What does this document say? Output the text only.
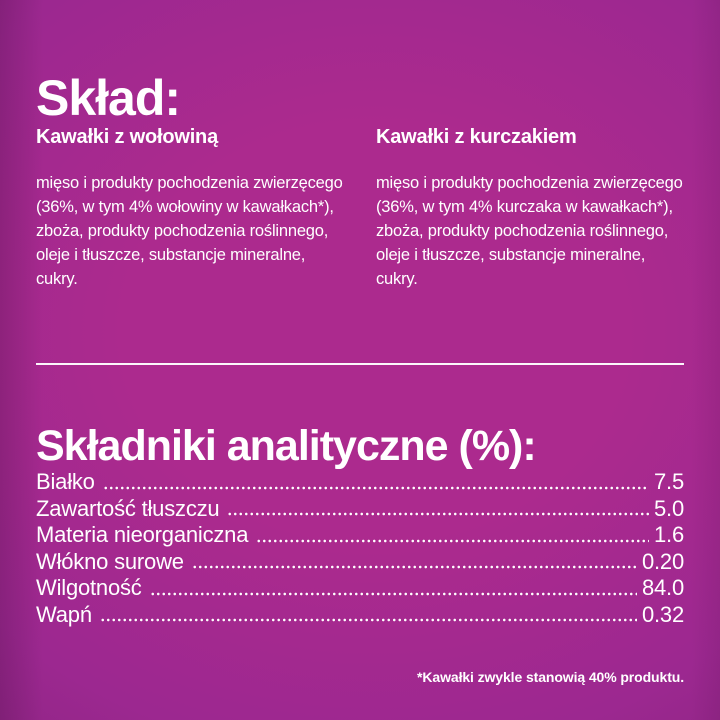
Skład:
Kawałki z wołowiną
mięso i produkty pochodzenia zwierzęcego (36%, w tym 4% wołowiny w kawałkach*), zboża, produkty pochodzenia roślinnego, oleje i tłuszcze, substancje mineralne, cukry.
Kawałki z kurczakiem
mięso i produkty pochodzenia zwierzęcego (36%, w tym 4% kurczaka w kawałkach*), zboża, produkty pochodzenia roślinnego, oleje i tłuszcze, substancje mineralne, cukry.
Składniki analityczne (%):
Białko	7.5
Zawartość tłuszczu	5.0
Materia nieorganiczna	1.6
Włókno surowe	0.20
Wilgotność	84.0
Wapń	0.32
*Kawałki zwykle stanowią 40% produktu.
